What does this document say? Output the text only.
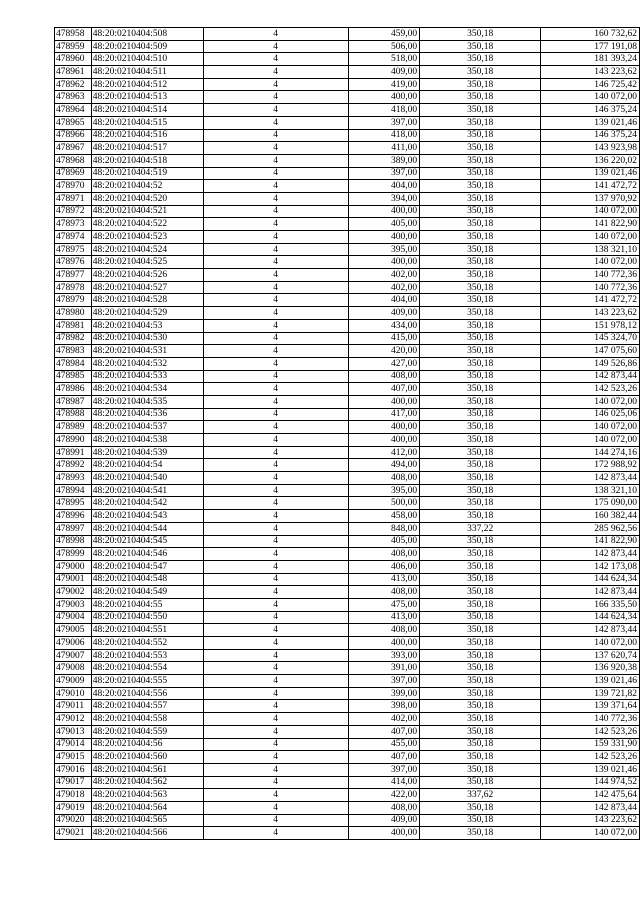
478958	48:20:0210404:508	4	459,00	350,18	160 732,62
478959	48:20:0210404:509	4	506,00	350,18	177 191,08
478960	48:20:0210404:510	4	518,00	350,18	181 393,24
478961	48:20:0210404:511	4	409,00	350,18	143 223,62
478962	48:20:0210404:512	4	419,00	350,18	146 725,42
478963	48:20:0210404:513	4	400,00	350,18	140 072,00
478964	48:20:0210404:514	4	418,00	350,18	146 375,24
478965	48:20:0210404:515	4	397,00	350,18	139 021,46
478966	48:20:0210404:516	4	418,00	350,18	146 375,24
478967	48:20:0210404:517	4	411,00	350,18	143 923,98
478968	48:20:0210404:518	4	389,00	350,18	136 220,02
478969	48:20:0210404:519	4	397,00	350,18	139 021,46
478970	48:20:0210404:52	4	404,00	350,18	141 472,72
478971	48:20:0210404:520	4	394,00	350,18	137 970,92
478972	48:20:0210404:521	4	400,00	350,18	140 072,00
478973	48:20:0210404:522	4	405,00	350,18	141 822,90
478974	48:20:0210404:523	4	400,00	350,18	140 072,00
478975	48:20:0210404:524	4	395,00	350,18	138 321,10
478976	48:20:0210404:525	4	400,00	350,18	140 072,00
478977	48:20:0210404:526	4	402,00	350,18	140 772,36
478978	48:20:0210404:527	4	402,00	350,18	140 772,36
478979	48:20:0210404:528	4	404,00	350,18	141 472,72
478980	48:20:0210404:529	4	409,00	350,18	143 223,62
478981	48:20:0210404:53	4	434,00	350,18	151 978,12
478982	48:20:0210404:530	4	415,00	350,18	145 324,70
478983	48:20:0210404:531	4	420,00	350,18	147 075,60
478984	48:20:0210404:532	4	427,00	350,18	149 526,86
478985	48:20:0210404:533	4	408,00	350,18	142 873,44
478986	48:20:0210404:534	4	407,00	350,18	142 523,26
478987	48:20:0210404:535	4	400,00	350,18	140 072,00
478988	48:20:0210404:536	4	417,00	350,18	146 025,06
478989	48:20:0210404:537	4	400,00	350,18	140 072,00
478990	48:20:0210404:538	4	400,00	350,18	140 072,00
478991	48:20:0210404:539	4	412,00	350,18	144 274,16
478992	48:20:0210404:54	4	494,00	350,18	172 988,92
478993	48:20:0210404:540	4	408,00	350,18	142 873,44
478994	48:20:0210404:541	4	395,00	350,18	138 321,10
478995	48:20:0210404:542	4	500,00	350,18	175 090,00
478996	48:20:0210404:543	4	458,00	350,18	160 382,44
478997	48:20:0210404:544	4	848,00	337,22	285 962,56
478998	48:20:0210404:545	4	405,00	350,18	141 822,90
478999	48:20:0210404:546	4	408,00	350,18	142 873,44
479000	48:20:0210404:547	4	406,00	350,18	142 173,08
479001	48:20:0210404:548	4	413,00	350,18	144 624,34
479002	48:20:0210404:549	4	408,00	350,18	142 873,44
479003	48:20:0210404:55	4	475,00	350,18	166 335,50
479004	48:20:0210404:550	4	413,00	350,18	144 624,34
479005	48:20:0210404:551	4	408,00	350,18	142 873,44
479006	48:20:0210404:552	4	400,00	350,18	140 072,00
479007	48:20:0210404:553	4	393,00	350,18	137 620,74
479008	48:20:0210404:554	4	391,00	350,18	136 920,38
479009	48:20:0210404:555	4	397,00	350,18	139 021,46
479010	48:20:0210404:556	4	399,00	350,18	139 721,82
479011	48:20:0210404:557	4	398,00	350,18	139 371,64
479012	48:20:0210404:558	4	402,00	350,18	140 772,36
479013	48:20:0210404:559	4	407,00	350,18	142 523,26
479014	48:20:0210404:56	4	455,00	350,18	159 331,90
479015	48:20:0210404:560	4	407,00	350,18	142 523,26
479016	48:20:0210404:561	4	397,00	350,18	139 021,46
479017	48:20:0210404:562	4	414,00	350,18	144 974,52
479018	48:20:0210404:563	4	422,00	337,62	142 475,64
479019	48:20:0210404:564	4	408,00	350,18	142 873,44
479020	48:20:0210404:565	4	409,00	350,18	143 223,62
479021	48:20:0210404:566	4	400,00	350,18	140 072,00
